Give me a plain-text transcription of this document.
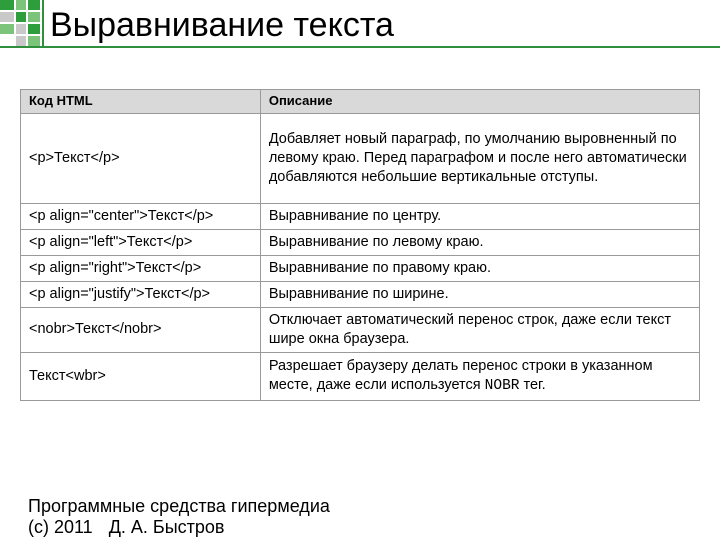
Выравнивание текста
Код HTML	Описание
<p>Текст</p>	Добавляет новый параграф, по умолчанию выровненный по левому краю. Перед параграфом и после него автоматически добавляются небольшие вертикальные отступы.
<p align="center">Текст</p>	Выравнивание по центру.
<p align="left">Текст</p>	Выравнивание по левому краю.
<p align="right">Текст</p>	Выравнивание по правому краю.
<p align="justify">Текст</p>	Выравнивание по ширине.
<nobr>Текст</nobr>	Отключает автоматический перенос строк, даже если текст шире окна браузера.
Текст<wbr>	Разрешает браузеру делать перенос строки в указанном месте, даже если используется NOBR тег.
Программные средства гипермедиа
(c) 2011 Д. А. Быстров
